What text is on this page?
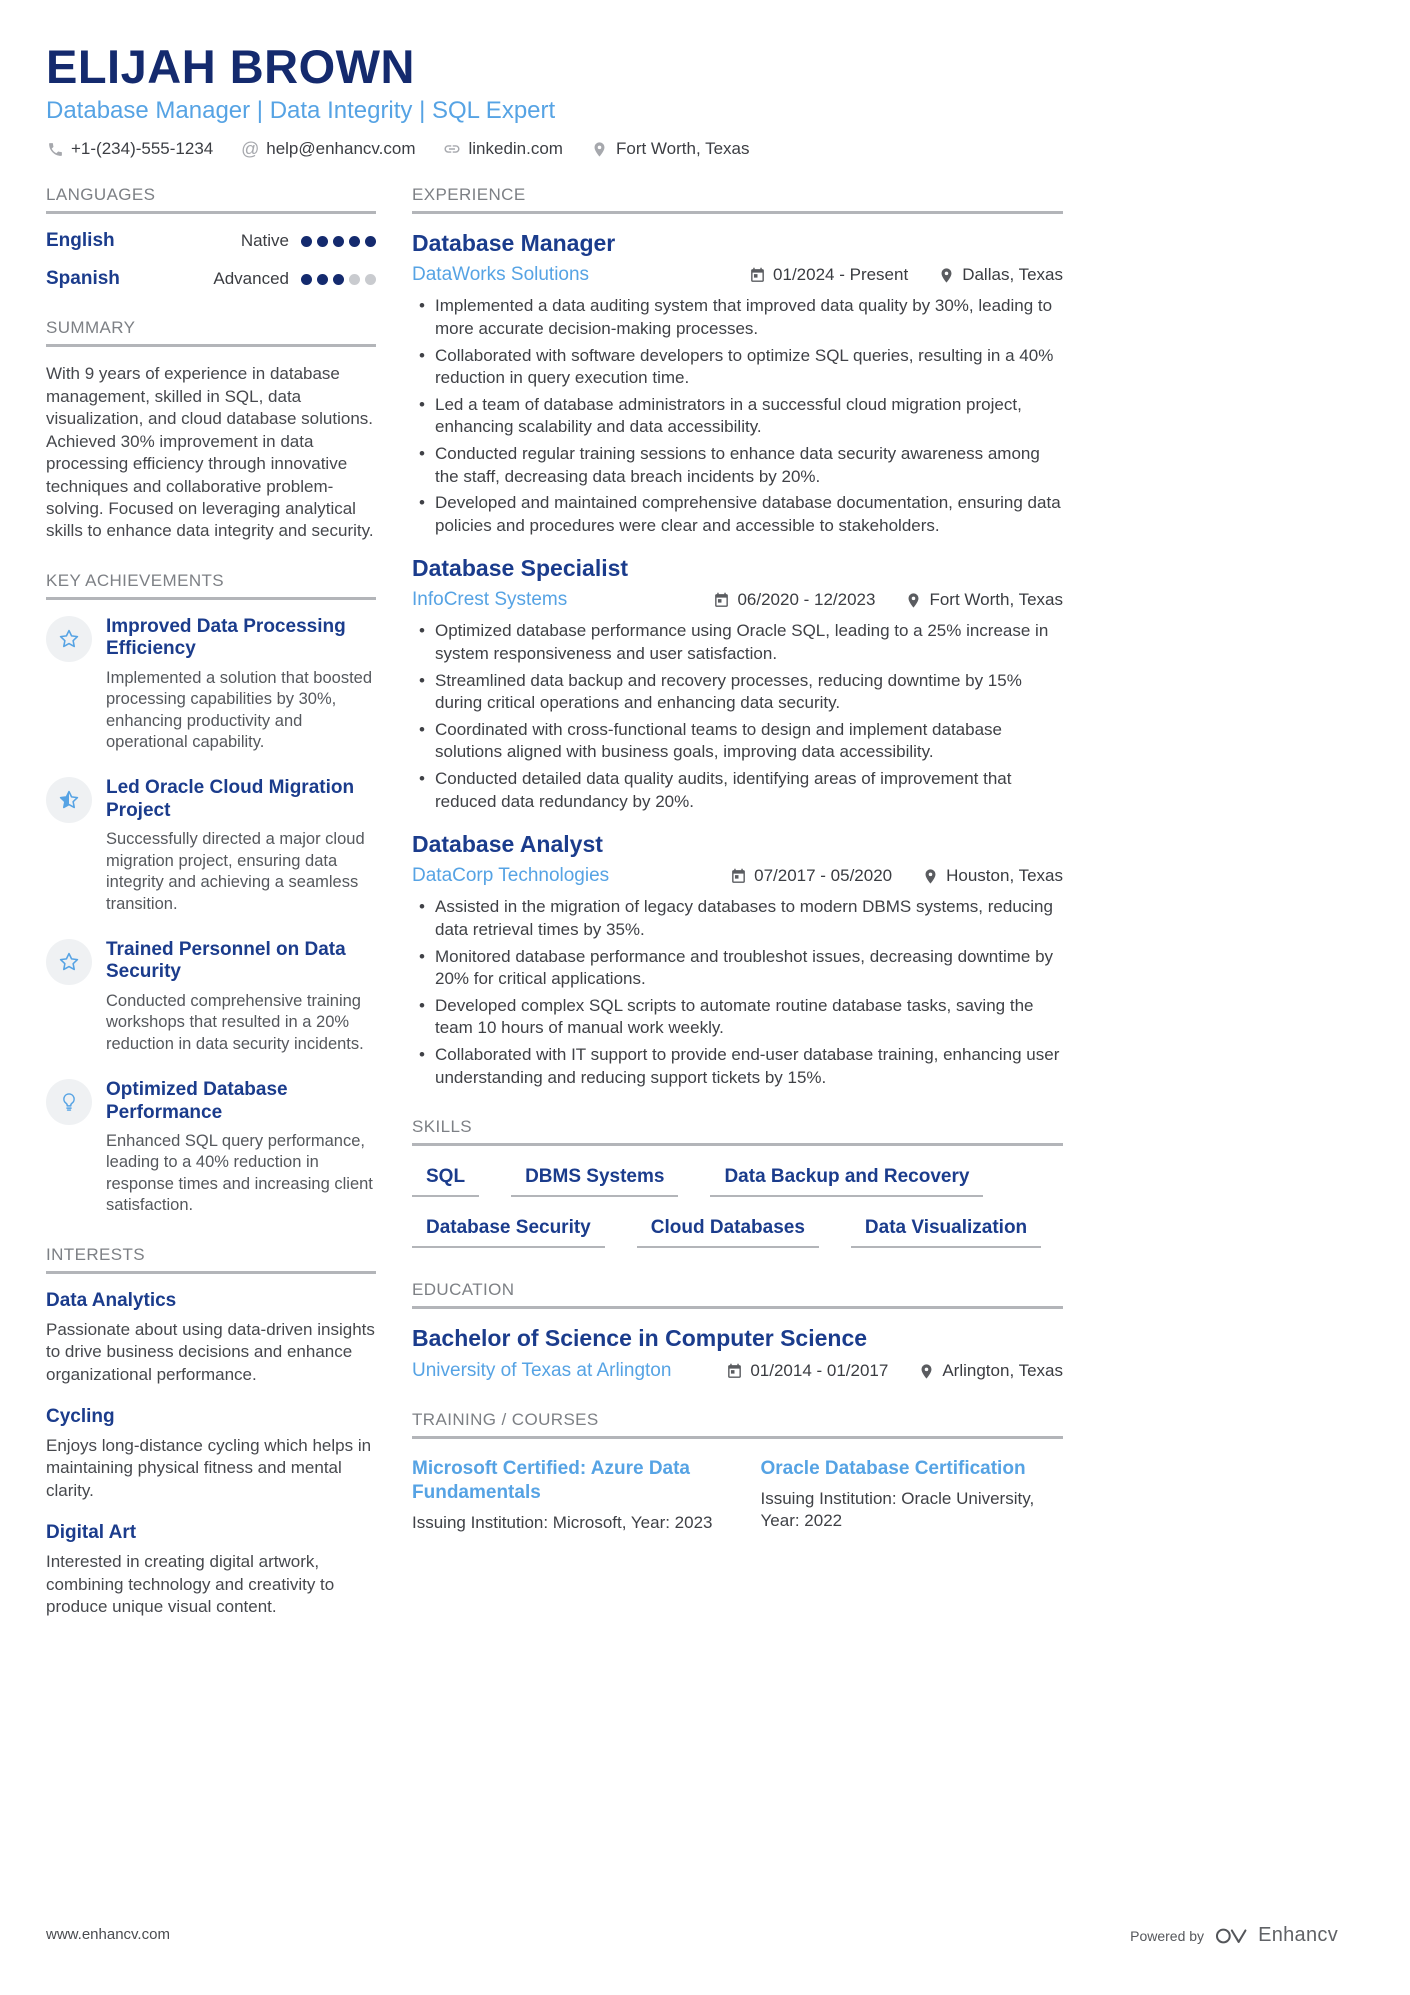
ELIJAH BROWN
Database Manager | Data Integrity | SQL Expert
+1-(234)-555-1234 @ help@enhancv.com	linkedin.com	Fort Worth, Texas
LANGUAGES
English	Native
Spanish	Advanced
SUMMARY

With 9 years of experience in database management, skilled in SQL, data visualization, and cloud database solutions. Achieved 30% improvement in data processing efficiency through innovative techniques and collaborative problem-solving. Focused on leveraging analytical skills to enhance data integrity and security.

KEY ACHIEVEMENTS
Improved Data Processing Efficiency
Implemented a solution that boosted processing capabilities by 30%, enhancing productivity and operational capability.
Led Oracle Cloud Migration Project
Successfully directed a major cloud migration project, ensuring data integrity and achieving a seamless transition.
Trained Personnel on Data Security
Conducted comprehensive training workshops that resulted in a 20% reduction in data security incidents.
Optimized Database Performance
Enhanced SQL query performance, leading to a 40% reduction in response times and increasing client satisfaction.
INTERESTS
Data Analytics
Passionate about using data-driven insights to drive business decisions and enhance organizational performance.
Cycling
Enjoys long-distance cycling which helps in maintaining physical fitness and mental clarity.
Digital Art
Interested in creating digital artwork, combining technology and creativity to produce unique visual content.
EXPERIENCE
Database Manager
DataWorks Solutions	01/2024 - Present	Dallas, Texas
• Implemented a data auditing system that improved data quality by 30%, leading to more accurate decision-making processes.
• Collaborated with software developers to optimize SQL queries, resulting in a 40% reduction in query execution time.
• Led a team of database administrators in a successful cloud migration project, enhancing scalability and data accessibility.
• Conducted regular training sessions to enhance data security awareness among the staff, decreasing data breach incidents by 20%.
• Developed and maintained comprehensive database documentation, ensuring data policies and procedures were clear and accessible to stakeholders.
Database Specialist
InfoCrest Systems	06/2020 - 12/2023	Fort Worth, Texas
• Optimized database performance using Oracle SQL, leading to a 25% increase in system responsiveness and user satisfaction.
• Streamlined data backup and recovery processes, reducing downtime by 15% during critical operations and enhancing data security.
• Coordinated with cross-functional teams to design and implement database solutions aligned with business goals, improving data accessibility.
• Conducted detailed data quality audits, identifying areas of improvement that reduced data redundancy by 20%.
Database Analyst
DataCorp Technologies	07/2017 - 05/2020	Houston, Texas
• Assisted in the migration of legacy databases to modern DBMS systems, reducing data retrieval times by 35%.
• Monitored database performance and troubleshot issues, decreasing downtime by 20% for critical applications.
• Developed complex SQL scripts to automate routine database tasks, saving the team 10 hours of manual work weekly.
• Collaborated with IT support to provide end-user database training, enhancing user understanding and reducing support tickets by 15%.
SKILLS
SQL	DBMS Systems	Data Backup and Recovery
Database Security	Cloud Databases	Data Visualization
EDUCATION
Bachelor of Science in Computer Science
University of Texas at Arlington	01/2014 - 01/2017	Arlington, Texas
TRAINING / COURSES
Microsoft Certified: Azure Data Fundamentals
Issuing Institution: Microsoft, Year: 2023
Oracle Database Certification
Issuing Institution: Oracle University, Year: 2022
www.enhancv.com	Powered by	Enhancv
